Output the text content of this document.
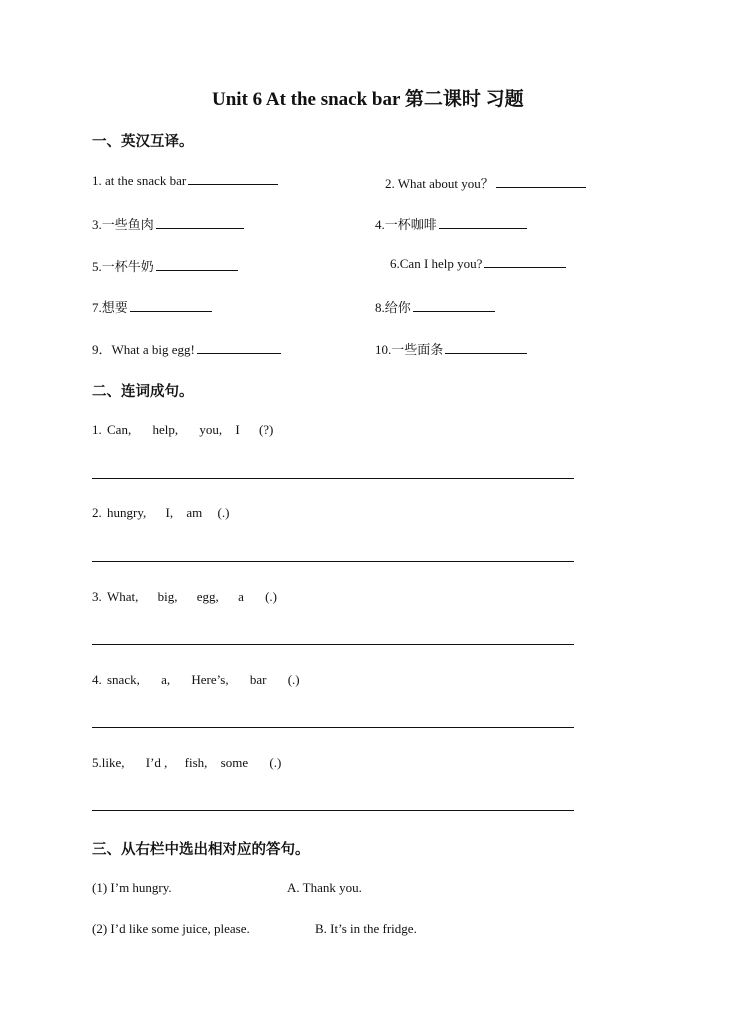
Unit 6 At the snack bar 第二课时 习题
一、英汉互译。
1. at the snack bar	2. What about you？
3.一些鱼肉	4.一杯咖啡
5.一杯牛奶	6.Can I help you?
7.想要	8.给你
9．What a big egg!	10.一些面条
二、连词成句。
1. Can, help, you, I (?)
2. hungry, I, am (.)
3. What, big, egg, a (.)
4. snack, a, Here’s, bar (.)
5.like, I’d , fish, some (.)
三、从右栏中选出相对应的答句。
(1) I’m hungry.	A. Thank you.
(2) I’d like some juice, please.	B. It’s in the fridge.
